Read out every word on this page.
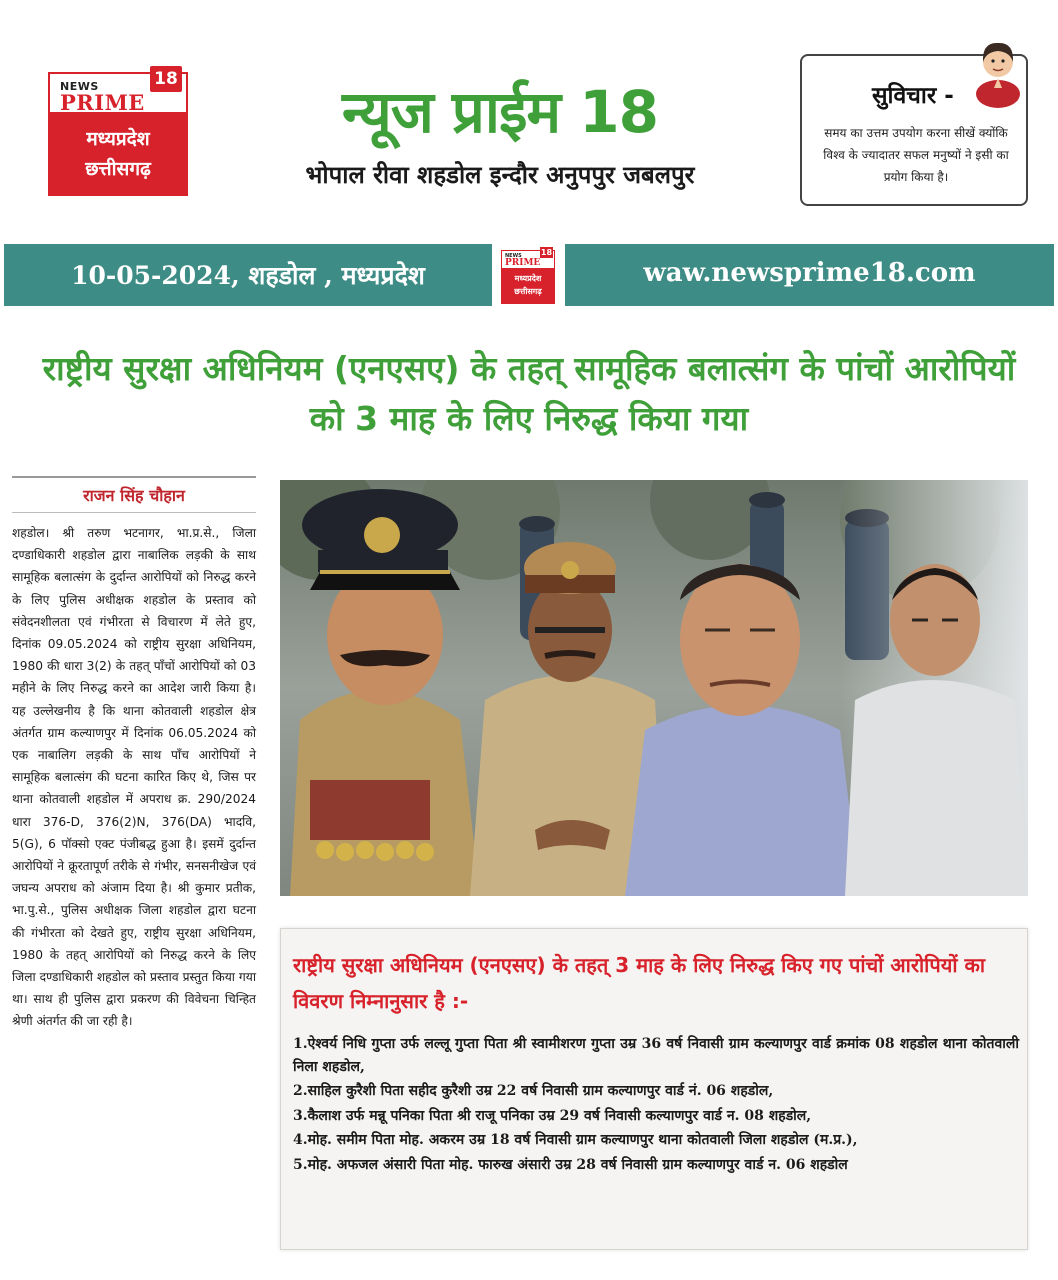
NEWS
PRIME
18
मध्यप्रदेश
छत्तीसगढ़
न्यूज प्राईम 18
भोपाल रीवा शहडोल इन्दौर अनुपपुर जबलपुर
सुविचार -
समय का उत्तम उपयोग करना सीखें क्योंकि विश्व के ज्यादातर सफल मनुष्यों ने इसी का प्रयोग किया है।
10-05-2024, शहडोल , मध्यप्रदेश
NEWS
PRIME
18
मध्यप्रदेश
छत्तीसगढ़
waw.newsprime18.com
राष्ट्रीय सुरक्षा अधिनियम (एनएसए) के तहत् सामूहिक बलात्संग के पांचों आरोपियों को 3 माह के लिए निरुद्ध किया गया
राजन सिंह चौहान
शहडोल। श्री तरुण भटनागर, भा.प्र.से., जिला दण्डाधिकारी शहडोल द्वारा नाबालिक लड़की के साथ सामूहिक बलात्संग के दुर्दान्त आरोपियों को निरुद्ध करने के लिए पुलिस अधीक्षक शहडोल के प्रस्ताव को संवेदनशीलता एवं गंभीरता से विचारण में लेते हुए, दिनांक 09.05.2024 को राष्ट्रीय सुरक्षा अधिनियम, 1980 की धारा 3(2) के तहत् पाँचों आरोपियों को 03 महीने के लिए निरुद्ध करने का आदेश जारी किया है। यह उल्लेखनीय है कि थाना कोतवाली शहडोल क्षेत्र अंतर्गत ग्राम कल्याणपुर में दिनांक 06.05.2024 को एक नाबालिग लड़की के साथ पाँच आरोपियों ने सामूहिक बलात्संग की घटना कारित किए थे, जिस पर थाना कोतवाली शहडोल में अपराध क्र. 290/2024 धारा 376-D, 376(2)N, 376(DA) भादवि, 5(G), 6 पॉक्सो एक्ट पंजीबद्ध हुआ है। इसमें दुर्दान्त आरोपियों ने क्रूरतापूर्ण तरीके से गंभीर, सनसनीखेज एवं जघन्य अपराध को अंजाम दिया है। श्री कुमार प्रतीक, भा.पु.से., पुलिस अधीक्षक जिला शहडोल द्वारा घटना की गंभीरता को देखते हुए, राष्ट्रीय सुरक्षा अधिनियम, 1980 के तहत् आरोपियों को निरुद्ध करने के लिए जिला दण्डाधिकारी शहडोल को प्रस्ताव प्रस्तुत किया गया था। साथ ही पुलिस द्वारा प्रकरण की विवेचना चिन्हित श्रेणी अंतर्गत की जा रही है।
राष्ट्रीय सुरक्षा अधिनियम (एनएसए) के तहत् 3 माह के लिए निरुद्ध किए गए पांचों आरोपियों का विवरण निम्नानुसार है :-
1.ऐश्वर्य निधि गुप्ता उर्फ लल्लू गुप्ता पिता श्री स्वामीशरण गुप्ता उम्र 36 वर्ष निवासी ग्राम कल्याणपुर वार्ड क्रमांक 08 शहडोल थाना कोतवाली निला शहडोल,
2.साहिल कुरैशी पिता सहीद कुरैशी उम्र 22 वर्ष निवासी ग्राम कल्याणपुर वार्ड नं. 06 शहडोल,
3.कैलाश उर्फ मन्नू पनिका पिता श्री राजू पनिका उम्र 29 वर्ष निवासी कल्याणपुर वार्ड न. 08 शहडोल,
4.मोह. समीम पिता मोह. अकरम उम्र 18 वर्ष निवासी ग्राम कल्याणपुर थाना कोतवाली जिला शहडोल (म.प्र.),
5.मोह. अफजल अंसारी पिता मोह. फारुख अंसारी उम्र 28 वर्ष निवासी ग्राम कल्याणपुर वार्ड न. 06 शहडोल
